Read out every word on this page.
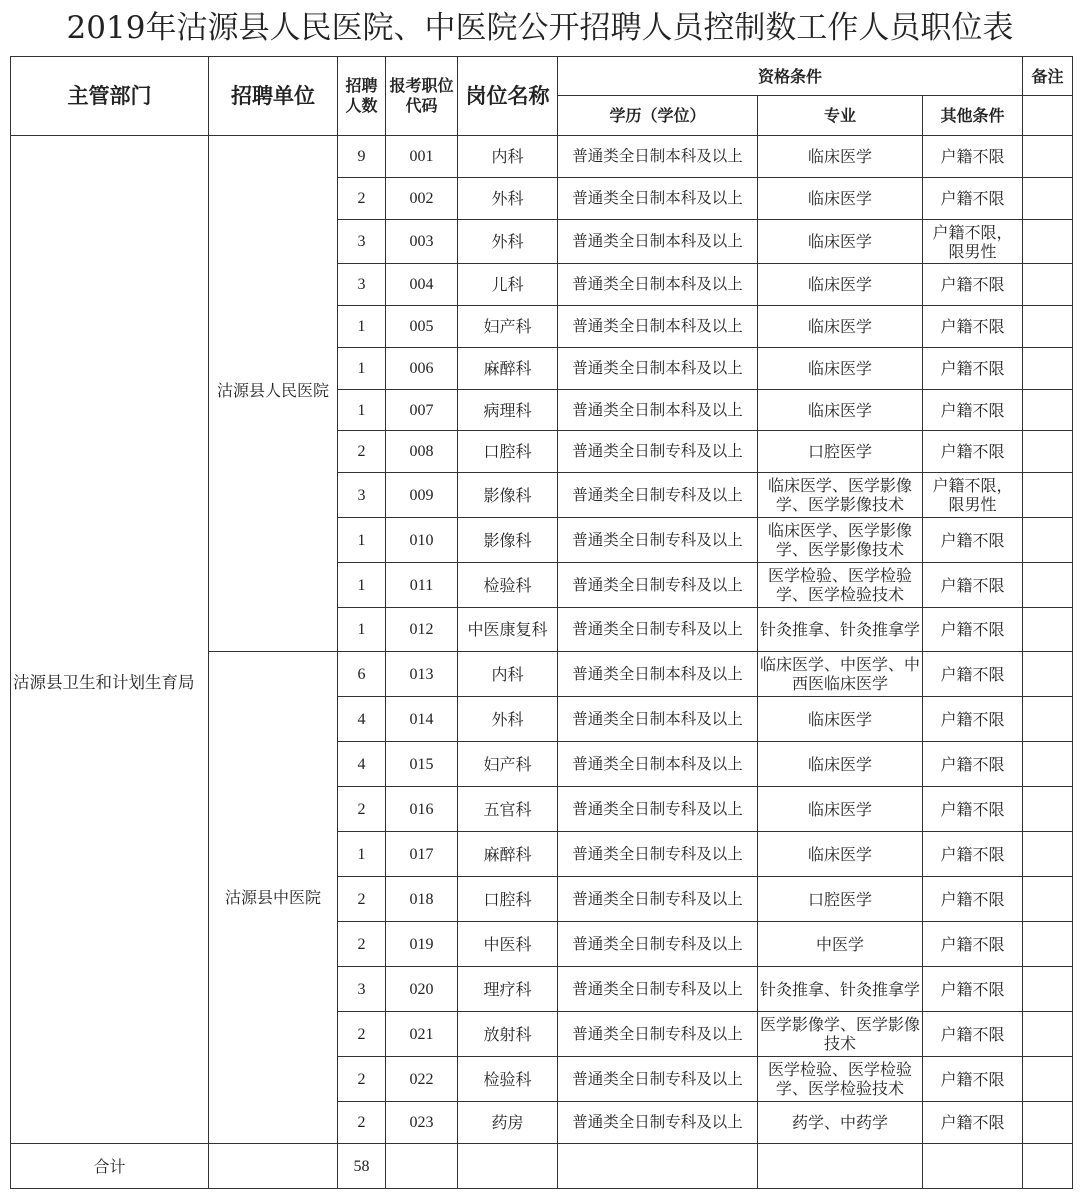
2019年沽源县人民医院、中医院公开招聘人员控制数工作人员职位表
主管部门	招聘单位	招聘人数	报考职位代码	岗位名称	资格条件			备注
					学历（学位）	专业	其他条件	
沽源县卫生和计划生育局	沽源县人民医院	9	001	内科	普通类全日制本科及以上	临床医学	户籍不限	
		2	002	外科	普通类全日制本科及以上	临床医学	户籍不限	
		3	003	外科	普通类全日制本科及以上	临床医学	户籍不限，限男性	
		3	004	儿科	普通类全日制本科及以上	临床医学	户籍不限	
		1	005	妇产科	普通类全日制本科及以上	临床医学	户籍不限	
		1	006	麻醉科	普通类全日制本科及以上	临床医学	户籍不限	
		1	007	病理科	普通类全日制本科及以上	临床医学	户籍不限	
		2	008	口腔科	普通类全日制专科及以上	口腔医学	户籍不限	
		3	009	影像科	普通类全日制专科及以上	临床医学、医学影像学、医学影像技术	户籍不限，限男性	
		1	010	影像科	普通类全日制专科及以上	临床医学、医学影像学、医学影像技术	户籍不限	
		1	011	检验科	普通类全日制专科及以上	医学检验、医学检验学、医学检验技术	户籍不限	
		1	012	中医康复科	普通类全日制专科及以上	针灸推拿、针灸推拿学	户籍不限	
	沽源县中医院	6	013	内科	普通类全日制本科及以上	临床医学、中医学、中西医临床医学	户籍不限	
		4	014	外科	普通类全日制本科及以上	临床医学	户籍不限	
		4	015	妇产科	普通类全日制本科及以上	临床医学	户籍不限	
		2	016	五官科	普通类全日制专科及以上	临床医学	户籍不限	
		1	017	麻醉科	普通类全日制专科及以上	临床医学	户籍不限	
		2	018	口腔科	普通类全日制专科及以上	口腔医学	户籍不限	
		2	019	中医科	普通类全日制专科及以上	中医学	户籍不限	
		3	020	理疗科	普通类全日制专科及以上	针灸推拿、针灸推拿学	户籍不限	
		2	021	放射科	普通类全日制专科及以上	医学影像学、医学影像技术	户籍不限	
		2	022	检验科	普通类全日制专科及以上	医学检验、医学检验学、医学检验技术	户籍不限	
		2	023	药房	普通类全日制专科及以上	药学、中药学	户籍不限	
合计		58						
